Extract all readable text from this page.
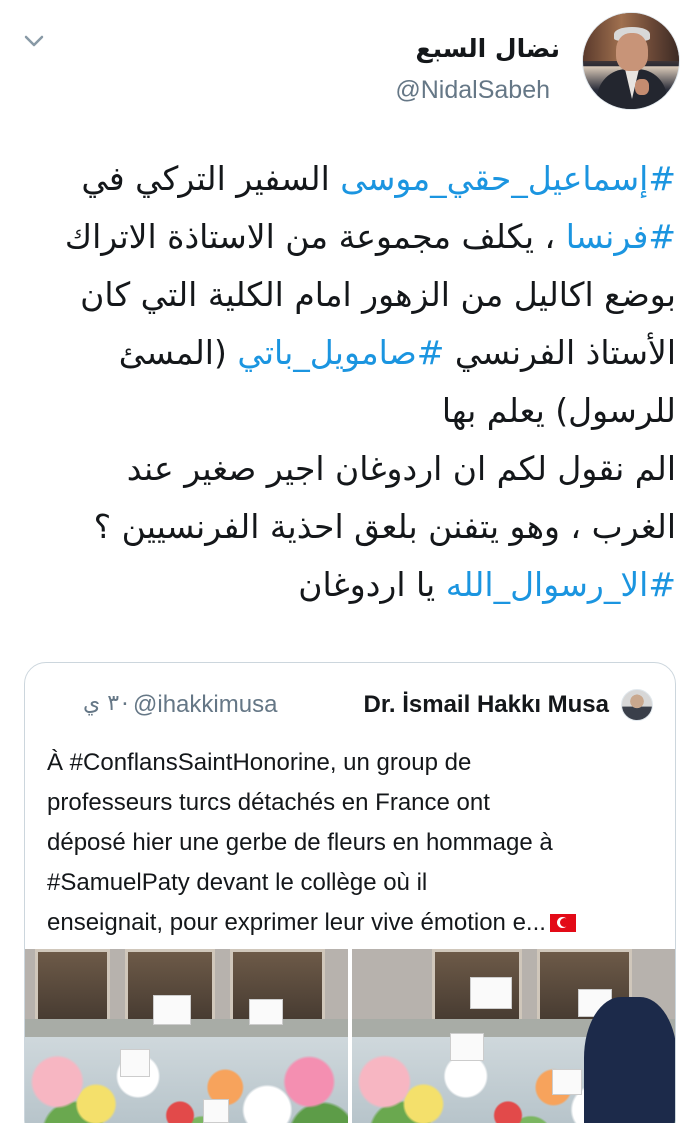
نضال السبع
@NidalSabeh
#إسماعيل_حقي_موسى السفير التركي في
#فرنسا ، يكلف مجموعة من الاستاذة الاتراك
بوضع اكاليل من الزهور امام الكلية التي كان
الأستاذ الفرنسي #صامويل_باتي (المسئ
للرسول) يعلم بها
الم نقول لكم ان اردوغان اجير صغير عند
الغرب ، وهو يتفنن بلعق احذية الفرنسيين ؟
#الا_رسوال_الله يا اردوغان
Dr. İsmail Hakkı Musa
@ihakkimusa
٣٠ ي
À #ConflansSaintHonorine, un group de
professeurs turcs détachés en France ont
déposé hier une gerbe de fleurs en hommage à
#SamuelPaty devant le collège où il
enseignait, pour exprimer leur vive émotion e...
